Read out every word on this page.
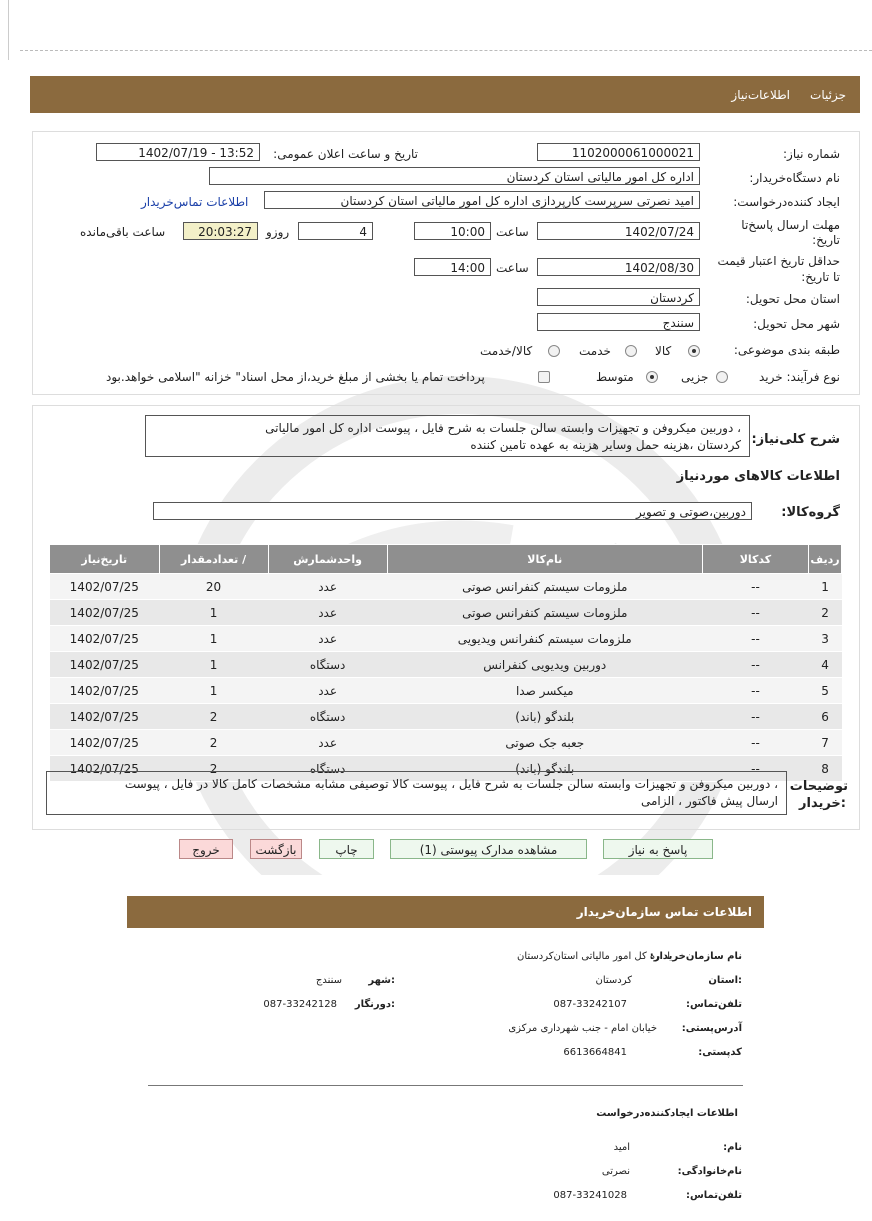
جزئیات
اطلاعات‌نیاز
شماره نیاز:
1102000061000021
تاریخ و ساعت اعلان عمومی:
1402/07/19 - 13:52
نام دستگاه‌خریدار:
اداره کل امور مالیاتی استان کردستان
ایجاد کننده‌درخواست:
امید نصرتی سرپرست کارپردازی اداره کل امور مالیاتی استان کردستان
اطلاعات تماس‌خریدار
مهلت ارسال پاسخ‌تا
تاریخ:
1402/07/24
ساعت
10:00
4
روز‌و
20:03:27
ساعت باقی‌مانده
حداقل تاریخ اعتبار قیمت
تا تاریخ:
1402/08/30
ساعت
14:00
استان محل تحویل:
کردستان
شهر محل تحویل:
سنندج
طبقه بندی موضوعی:
کالا
خدمت
کالا/خدمت
نوع فرآیند: خرید
جزیی
متوسط
پرداخت تمام یا بخشی از مبلغ خرید،از محل اسناد" خزانه "اسلامی خواهد.بود
شرح کلی‌نیاز:
، دوربین میکروفن و تجهیزات وابسته سالن جلسات به شرح فایل ، پیوست اداره کل امور مالیاتی
کردستان ،هزینه حمل وسایر هزینه به عهده تامین کننده
اطلاعات کالاهای موردنیاز
گروه‌کالا:
دوربین،صوتی و تصویر
ردیف	کدکالا	نام‌کالا	واحدشمارش	/ تعدادمقدار	تاریخ‌نیاز
1	--	ملزومات سیستم کنفرانس صوتی	عدد	20	1402/07/25
2	--	ملزومات سیستم کنفرانس صوتی	عدد	1	1402/07/25
3	--	ملزومات سیستم کنفرانس ویدیویی	عدد	1	1402/07/25
4	--	دوربین ویدیویی کنفرانس	دستگاه	1	1402/07/25
5	--	میکسر صدا	عدد	1	1402/07/25
6	--	بلندگو (باند)	دستگاه	2	1402/07/25
7	--	جعبه جک صوتی	عدد	2	1402/07/25
8	--	بلندگو (باند)	دستگاه	2	1402/07/25
توضیحات
:خریدار
، دوربین میکروفن و تجهیزات وابسته سالن جلسات به شرح فایل ، پیوست کالا توصیفی مشابه مشخصات کامل کالا در فایل ، پیوست
ارسال پیش فاکتور ، الزامی
پاسخ به نیاز
مشاهده مدارک پیوستی (1)
چاپ
بازگشت
خروج
اطلاعات تماس سازمان‌خریدار
نام سازمان‌خریدار:
اداره کل امور مالیاتی استان‌کردستان
:استان
کردستان
:شهر
سنندج
تلفن‌تماس:
087-33242107
:دورنگار
087-33242128
آدرس‌پستی:
خیابان امام - جنب شهرداری مرکزی
کد‌پستی:
6613664841
اطلاعات ایجاد‌کننده‌درخواست
نام:
امید
نام‌خانوادگی:
نصرتی
تلفن‌تماس:
087-33241028
